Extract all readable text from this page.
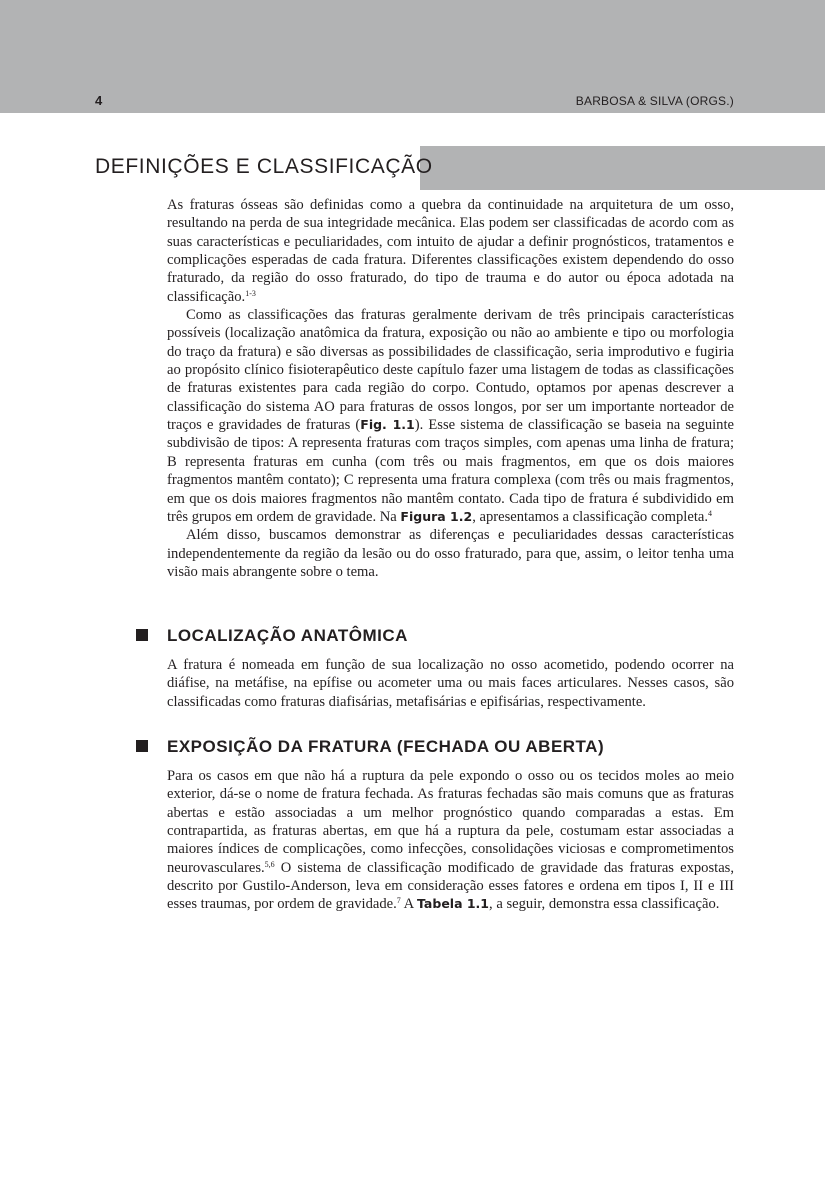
4	BARBOSA & SILVA (ORGS.)
DEFINIÇÕES E CLASSIFICAÇÃO

As fraturas ósseas são definidas como a quebra da continuidade na arquitetura de um osso, resultando na perda de sua integridade mecânica. Elas podem ser classificadas de acordo com as suas características e peculiaridades, com intuito de ajudar a definir prognósticos, tratamentos e complicações esperadas de cada fratura. Diferentes classificações existem dependendo do osso fraturado, da região do osso fraturado, do tipo de trauma e do autor ou época adotada na classificação.$^{1-3}$

Como as classificações das fraturas geralmente derivam de três principais características possíveis (localização anatômica da fratura, exposição ou não ao ambiente e tipo ou morfologia do traço da fratura) e são diversas as possibilidades de classificação, seria improdutivo e fugiria ao propósito clínico fisioterapêutico deste capítulo fazer uma listagem de todas as classificações de fraturas existentes para cada região do corpo. Contudo, optamos por apenas descrever a classificação do sistema AO para fraturas de ossos longos, por ser um importante norteador de traços e gravidades de fraturas (Fig. 1.1). Esse sistema de classificação se baseia na seguinte subdivisão de tipos: A representa fraturas com traços simples, com apenas uma linha de fratura; B representa fraturas em cunha (com três ou mais fragmentos, em que os dois maiores fragmentos mantêm contato); C representa uma fratura complexa (com três ou mais fragmentos, em que os dois maiores fragmentos não mantêm contato. Cada tipo de fratura é subdividido em três grupos em ordem de gravidade. Na Figura 1.2, apresentamos a classificação completa.$^4$

Além disso, buscamos demonstrar as diferenças e peculiaridades dessas características independentemente da região da lesão ou do osso fraturado, para que, assim, o leitor tenha uma visão mais abrangente sobre o tema.

LOCALIZAÇÃO ANATÔMICA

A fratura é nomeada em função de sua localização no osso acometido, podendo ocorrer na diáfise, na metáfise, na epífise ou acometer uma ou mais faces articulares. Nesses casos, são classificadas como fraturas diafisárias, metafisárias e epifisárias, respectivamente.

EXPOSIÇÃO DA FRATURA (FECHADA OU ABERTA)

Para os casos em que não há a ruptura da pele expondo o osso ou os tecidos moles ao meio exterior, dá-se o nome de fratura fechada. As fraturas fechadas são mais comuns que as fraturas abertas e estão associadas a um melhor prognóstico quando comparadas a estas. Em contrapartida, as fraturas abertas, em que há a ruptura da pele, costumam estar associadas a maiores índices de complicações, como infecções, consolidações viciosas e comprometimentos neurovasculares.$^{5,6}$ O sistema de classificação modificado de gravidade das fraturas expostas, descrito por Gustilo-Anderson, leva em consideração esses fatores e ordena em tipos I, II e III esses traumas, por ordem de gravidade.$^7$ A Tabela 1.1, a seguir, demonstra essa classificação.
